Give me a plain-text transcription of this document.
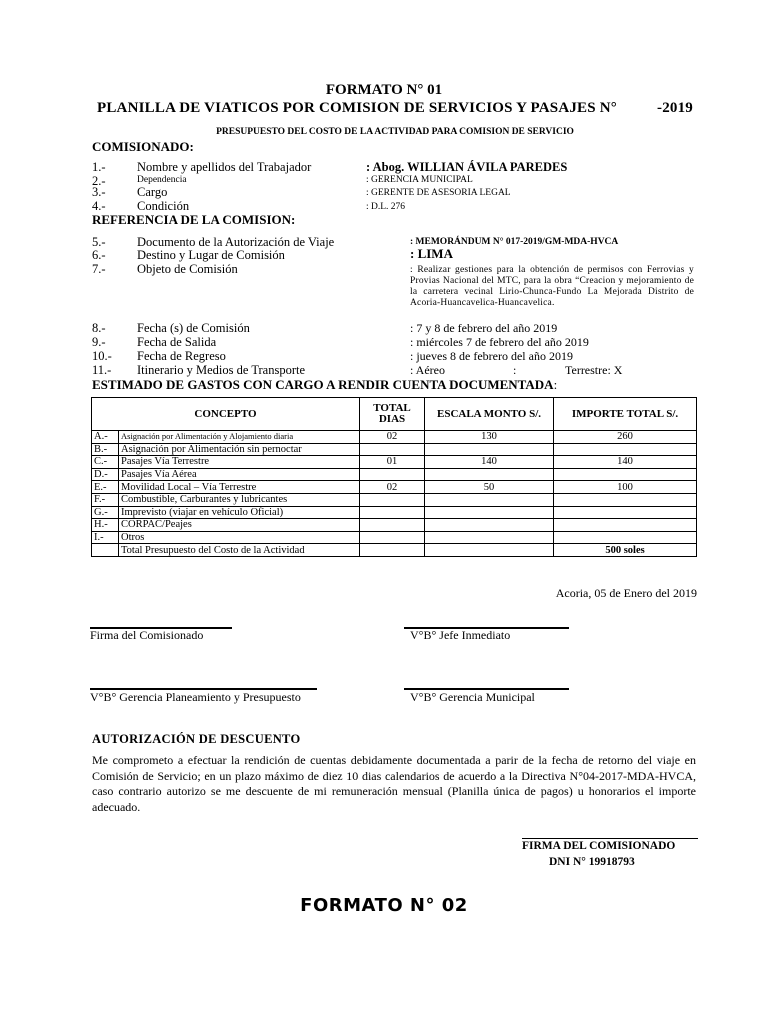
FORMATO N° 01
PLANILLA DE VIATICOS POR COMISION DE SERVICIOS Y PASAJES N°	-2019
PRESUPUESTO DEL COSTO DE LA ACTIVIDAD PARA COMISION DE SERVICIO
COMISIONADO:
1.-	Nombre y apellidos del Trabajador	: Abog. WILLIAN ÁVILA PAREDES
2.-	Dependencia	: GERENCIA MUNICIPAL
3.-	Cargo	: GERENTE DE ASESORIA LEGAL
4.-	Condición	: D.L. 276
REFERENCIA DE LA COMISION:
5.-	Documento de la Autorización de Viaje	: MEMORÁNDUM N° 017-2019/GM-MDA-HVCA
6.-	Destino y Lugar de Comisión	: LIMA
7.-	Objeto de Comisión	: Realizar gestiones para la obtención de permisos con Ferrovias y Provias Nacional del MTC, para la obra “Creacion y mejoramiento de la carretera vecinal Lirio-Chunca-Fundo La Mejorada Distrito de Acoria-Huancavelica-Huancavelica.
8.-	Fecha (s) de Comisión	: 7 y 8 de febrero del año 2019
9.-	Fecha de Salida	: miércoles 7 de febrero del año 2019
10.- Fecha de Regreso	: jueves 8 de febrero del año 2019
11.- Itinerario y Medios de Transporte	: Aéreo	:	Terrestre: X
ESTIMADO DE GASTOS CON CARGO A RENDIR CUENTA DOCUMENTADA:
CONCEPTO		TOTAL DIAS	ESCALA MONTO S/.	IMPORTE TOTAL S/.
A.-	Asignación por Alimentación y Alojamiento diaria	02	130	260
B.-	Asignación por Alimentación sin pernoctar			
C.-	Pasajes Vía Terrestre	01	140	140
D.-	Pasajes Vía Aérea			
E.-	Movilidad Local – Vía Terrestre	02	50	100
F.-	Combustible, Carburantes y lubricantes			
G.-	Imprevisto (viajar en vehículo Oficial)			
H.-	CORPAC/Peajes			
I.-	Otros			
	Total Presupuesto del Costo de la Actividad			500 soles
Acoria, 05 de Enero del 2019
Firma del Comisionado	V°B° Jefe Inmediato
V°B° Gerencia Planeamiento y Presupuesto	V°B° Gerencia Municipal
AUTORIZACIÓN DE DESCUENTO
Me comprometo a efectuar la rendición de cuentas debidamente documentada a parir de la fecha de retorno del viaje en Comisión de Servicio; en un plazo máximo de diez 10 dias calendarios de acuerdo a la Directiva N°04-2017-MDA-HVCA, caso contrario autorizo se me descuente de mi remuneración mensual (Planilla única de pagos) u honorarios el importe adecuado.
FIRMA DEL COMISIONADO
DNI N° 19918793
FORMATO N° 02
